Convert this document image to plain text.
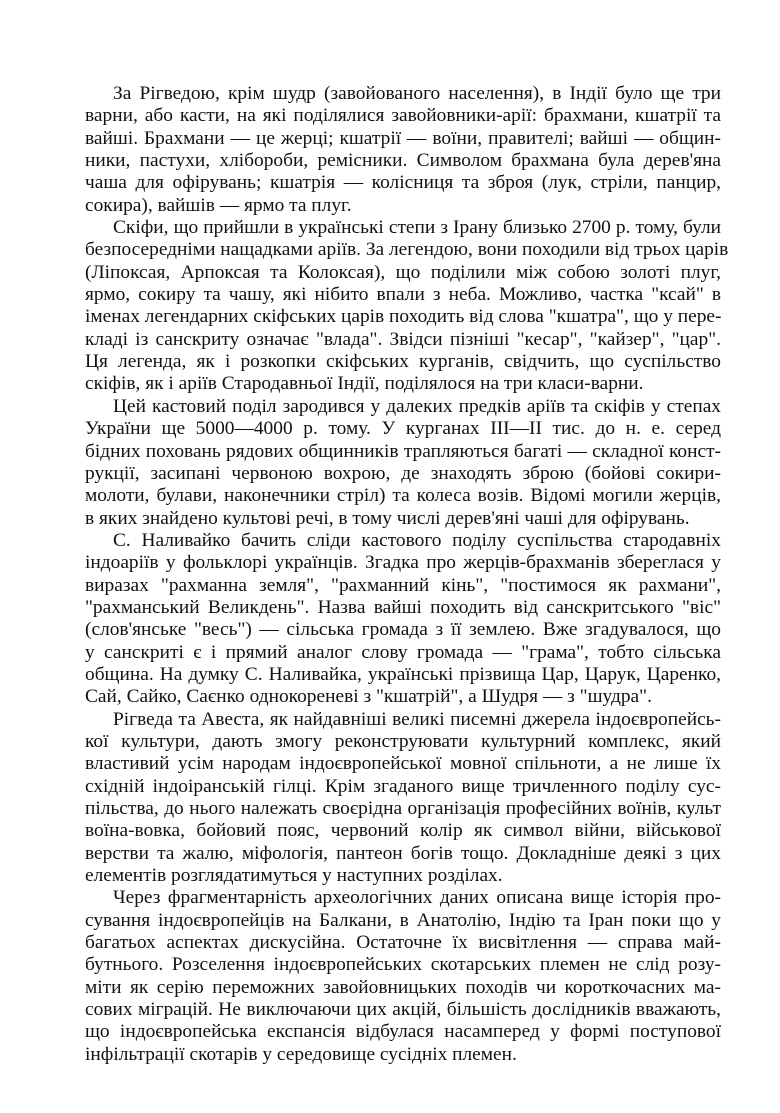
За Рігведою, крім шудр (завойованого населення), в Індії було ще три
варни, або касти, на які поділялися завойовники-арії: брахмани, кшатрії та
вайші. Брахмани — це жерці; кшатрії — воїни, правителі; вайші — общин-
ники, пастухи, хлібороби, ремісники. Символом брахмана була дерев'яна
чаша для офірувань; кшатрія — колісниця та зброя (лук, стріли, панцир,
сокира), вайшів — ярмо та плуг.
Скіфи, що прийшли в українські степи з Ірану близько 2700 р. тому, були
безпосередніми нащадками аріїв. За легендою, вони походили від трьох царів
(Ліпоксая, Арпоксая та Колоксая), що поділили між собою золоті плуг,
ярмо, сокиру та чашу, які нібито впали з неба. Можливо, частка "ксай" в
іменах легендарних скіфських царів походить від слова "кшатра", що у пере-
кладі із санскриту означає "влада". Звідси пізніші "кесар", "кайзер", "цар".
Ця легенда, як і розкопки скіфських курганів, свідчить, що суспільство
скіфів, як і аріїв Стародавньої Індії, поділялося на три класи-варни.
Цей кастовий поділ зародився у далеких предків аріїв та скіфів у степах
України ще 5000—4000 р. тому. У курганах III—II тис. до н. е. серед
бідних поховань рядових общинників трапляються багаті — складної конст-
рукції, засипані червоною вохрою, де знаходять зброю (бойові сокири-
молоти, булави, наконечники стріл) та колеса возів. Відомі могили жерців,
в яких знайдено культові речі, в тому числі дерев'яні чаші для офірувань.
С. Наливайко бачить сліди кастового поділу суспільства стародавніх
індоаріїв у фольклорі українців. Згадка про жерців-брахманів збереглася у
виразах "рахманна земля", "рахманний кінь", "постимося як рахмани",
"рахманський Великдень". Назва вайші походить від санскритського "віс"
(слов'янське "весь") — сільська громада з її землею. Вже згадувалося, що
у санскриті є і прямий аналог слову громада — "грама", тобто сільська
община. На думку С. Наливайка, українські прізвища Цар, Царук, Царенко,
Сай, Сайко, Саєнко однокореневі з "кшатрій", а Шудря — з "шудра".
Рігведа та Авеста, як найдавніші великі писемні джерела індоєвропейсь-
кої культури, дають змогу реконструювати культурний комплекс, який
властивий усім народам індоєвропейської мовної спільноти, а не лише їх
східній індоіранській гілці. Крім згаданого вище тричленного поділу сус-
пільства, до нього належать своєрідна організація професійних воїнів, культ
воїна-вовка, бойовий пояс, червоний колір як символ війни, військової
верстви та жалю, міфологія, пантеон богів тощо. Докладніше деякі з цих
елементів розглядатимуться у наступних розділах.
Через фрагментарність археологічних даних описана вище історія про-
сування індоєвропейців на Балкани, в Анатолію, Індію та Іран поки що у
багатьох аспектах дискусійна. Остаточне їх висвітлення — справа май-
бутнього. Розселення індоєвропейських скотарських племен не слід розу-
міти як серію переможних завойовницьких походів чи короткочасних ма-
сових міграцій. Не виключаючи цих акцій, більшість дослідників вважають,
що індоєвропейська експансія відбулася насамперед у формі поступової
інфільтрації скотарів у середовище сусідніх племен.
